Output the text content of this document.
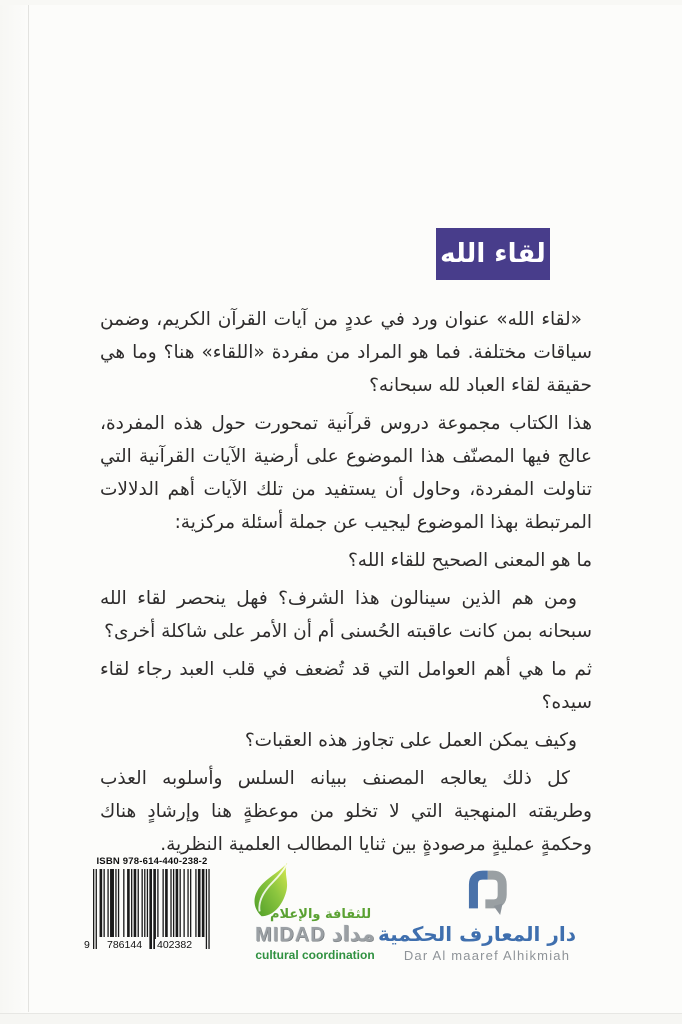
لقاء الله

«لقاء الله» عنوان ورد في عددٍ من آيات القرآن الكريم، وضمن سياقات مختلفة. فما هو المراد من مفردة «اللقاء» هنا؟ وما هي حقيقة لقاء العباد لله سبحانه؟

هذا الكتاب مجموعة دروس قرآنية تمحورت حول هذه المفردة، عالج فيها المصنّف هذا الموضوع على أرضية الآيات القرآنية التي تناولت المفردة، وحاول أن يستفيد من تلك الآيات أهم الدلالات المرتبطة بهذا الموضوع ليجيب عن جملة أسئلة مركزية:

ما هو المعنى الصحيح للقاء الله؟

ومن هم الذين سينالون هذا الشرف؟ فهل ينحصر لقاء الله سبحانه بمن كانت عاقبته الحُسنى أم أن الأمر على شاكلة أخرى؟

ثم ما هي أهم العوامل التي قد تُضعف في قلب العبد رجاء لقاء سيده؟

وكيف يمكن العمل على تجاوز هذه العقبات؟

كل ذلك يعالجه المصنف ببيانه السلس وأسلوبه العذب وطريقته المنهجية التي لا تخلو من موعظةٍ هنا وإرشادٍ هناك وحكمةٍ عمليةٍ مرصودةٍ بين ثنايا المطالب العلمية النظرية.

ISBN 978-614-440-238-2
9 786144 402382
للثقافة والإعلام
MIDAD مداد
cultural coordination
دار المعارف الحكمية
Dar Al maaref Alhikmiah
